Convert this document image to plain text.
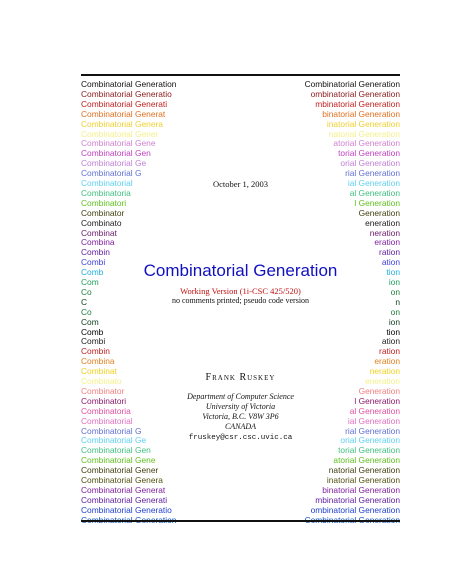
Combinatorial Generation	Combinatorial Generation
Combinatorial Generatio	ombinatorial Generation
Combinatorial Generati	mbinatorial Generation
Combinatorial Generat	binatorial Generation
Combinatorial Genera	inatorial Generation
Combinatorial Gener	natorial Generation
Combinatorial Gene	atorial Generation
Combinatorial Gen	torial Generation
Combinatorial Ge	orial Generation
Combinatorial G	rial Generation
Combinatorial	ial Generation
Combinatoria	al Generation
Combinatori	l Generation
Combinator	Generation
Combinato	eneration
Combinat	neration
Combina	eration
Combin	ration
Combi	ation
Comb	tion
Com	ion
Co	on
C	n
Co	on
Com	ion
Comb	tion
Combi	ation
Combin	ration
Combina	eration
Combinat	neration
Combinato	eneration
Combinator	Generation
Combinatori	l Generation
Combinatoria	al Generation
Combinatorial	ial Generation
Combinatorial G	rial Generation
Combinatorial Ge	orial Generation
Combinatorial Gen	torial Generation
Combinatorial Gene	atorial Generation
Combinatorial Gener	natorial Generation
Combinatorial Genera	inatorial Generation
Combinatorial Generat	binatorial Generation
Combinatorial Generati	mbinatorial Generation
Combinatorial Generatio	ombinatorial Generation
October 1, 2003
Combinatorial Generation
Working Version (1i-CSC 425/520)
no comments printed; pseudo code version
Frank Ruskey
Department of Computer Science
University of Victoria
Victoria, B.C. V8W 3P6
CANADA
fruskey@csr.csc.uvic.ca
